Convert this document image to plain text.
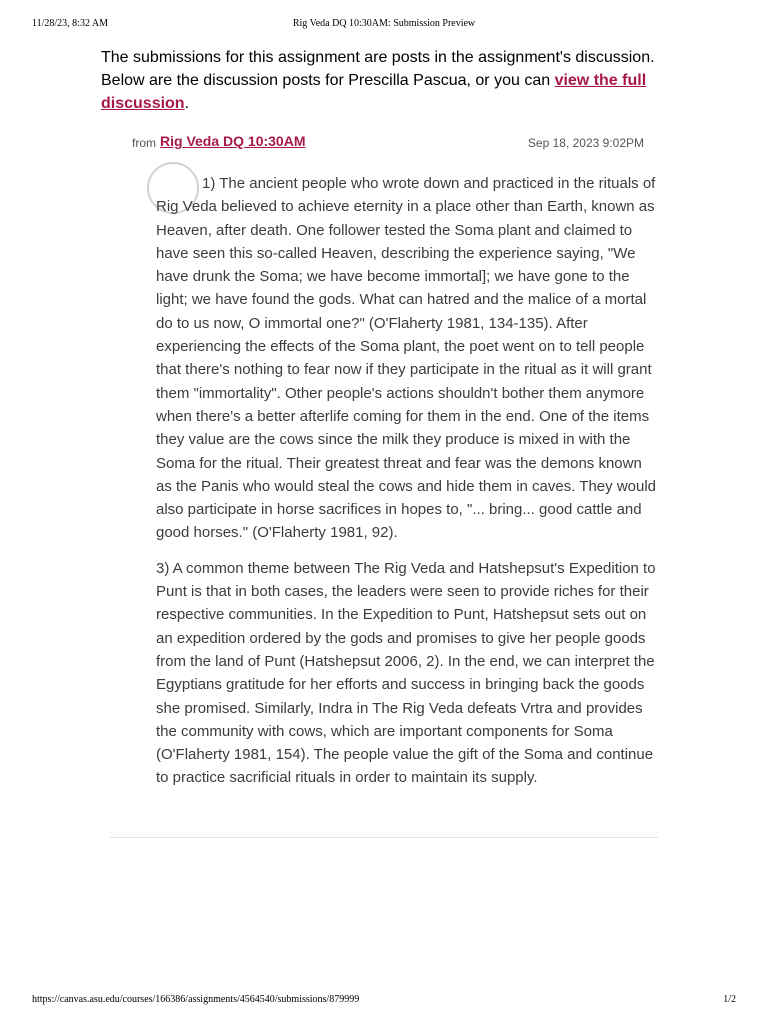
11/28/23, 8:32 AM	Rig Veda DQ 10:30AM: Submission Preview
The submissions for this assignment are posts in the assignment's discussion. Below are the discussion posts for Prescilla Pascua, or you can view the full discussion.
from Rig Veda DQ 10:30AM	Sep 18, 2023 9:02PM

1) The ancient people who wrote down and practiced in the rituals of Rig Veda believed to achieve eternity in a place other than Earth, known as Heaven, after death. One follower tested the Soma plant and claimed to have seen this so-called Heaven, describing the experience saying, "We have drunk the Soma; we have become immortal]; we have gone to the light; we have found the gods. What can hatred and the malice of a mortal do to us now, O immortal one?" (O'Flaherty 1981, 134-135). After experiencing the effects of the Soma plant, the poet went on to tell people that there's nothing to fear now if they participate in the ritual as it will grant them "immortality". Other people's actions shouldn't bother them anymore when there's a better afterlife coming for them in the end. One of the items they value are the cows since the milk they produce is mixed in with the Soma for the ritual. Their greatest threat and fear was the demons known as the Panis who would steal the cows and hide them in caves. They would also participate in horse sacrifices in hopes to, "... bring... good cattle and good horses." (O'Flaherty 1981, 92).

3) A common theme between The Rig Veda and Hatshepsut's Expedition to Punt is that in both cases, the leaders were seen to provide riches for their respective communities. In the Expedition to Punt, Hatshepsut sets out on an expedition ordered by the gods and promises to give her people goods from the land of Punt (Hatshepsut 2006, 2). In the end, we can interpret the Egyptians gratitude for her efforts and success in bringing back the goods she promised. Similarly, Indra in The Rig Veda defeats Vrtra and provides the community with cows, which are important components for Soma (O'Flaherty 1981, 154). The people value the gift of the Soma and continue to practice sacrificial rituals in order to maintain its supply.

https://canvas.asu.edu/courses/166386/assignments/4564540/submissions/879999	1/2
